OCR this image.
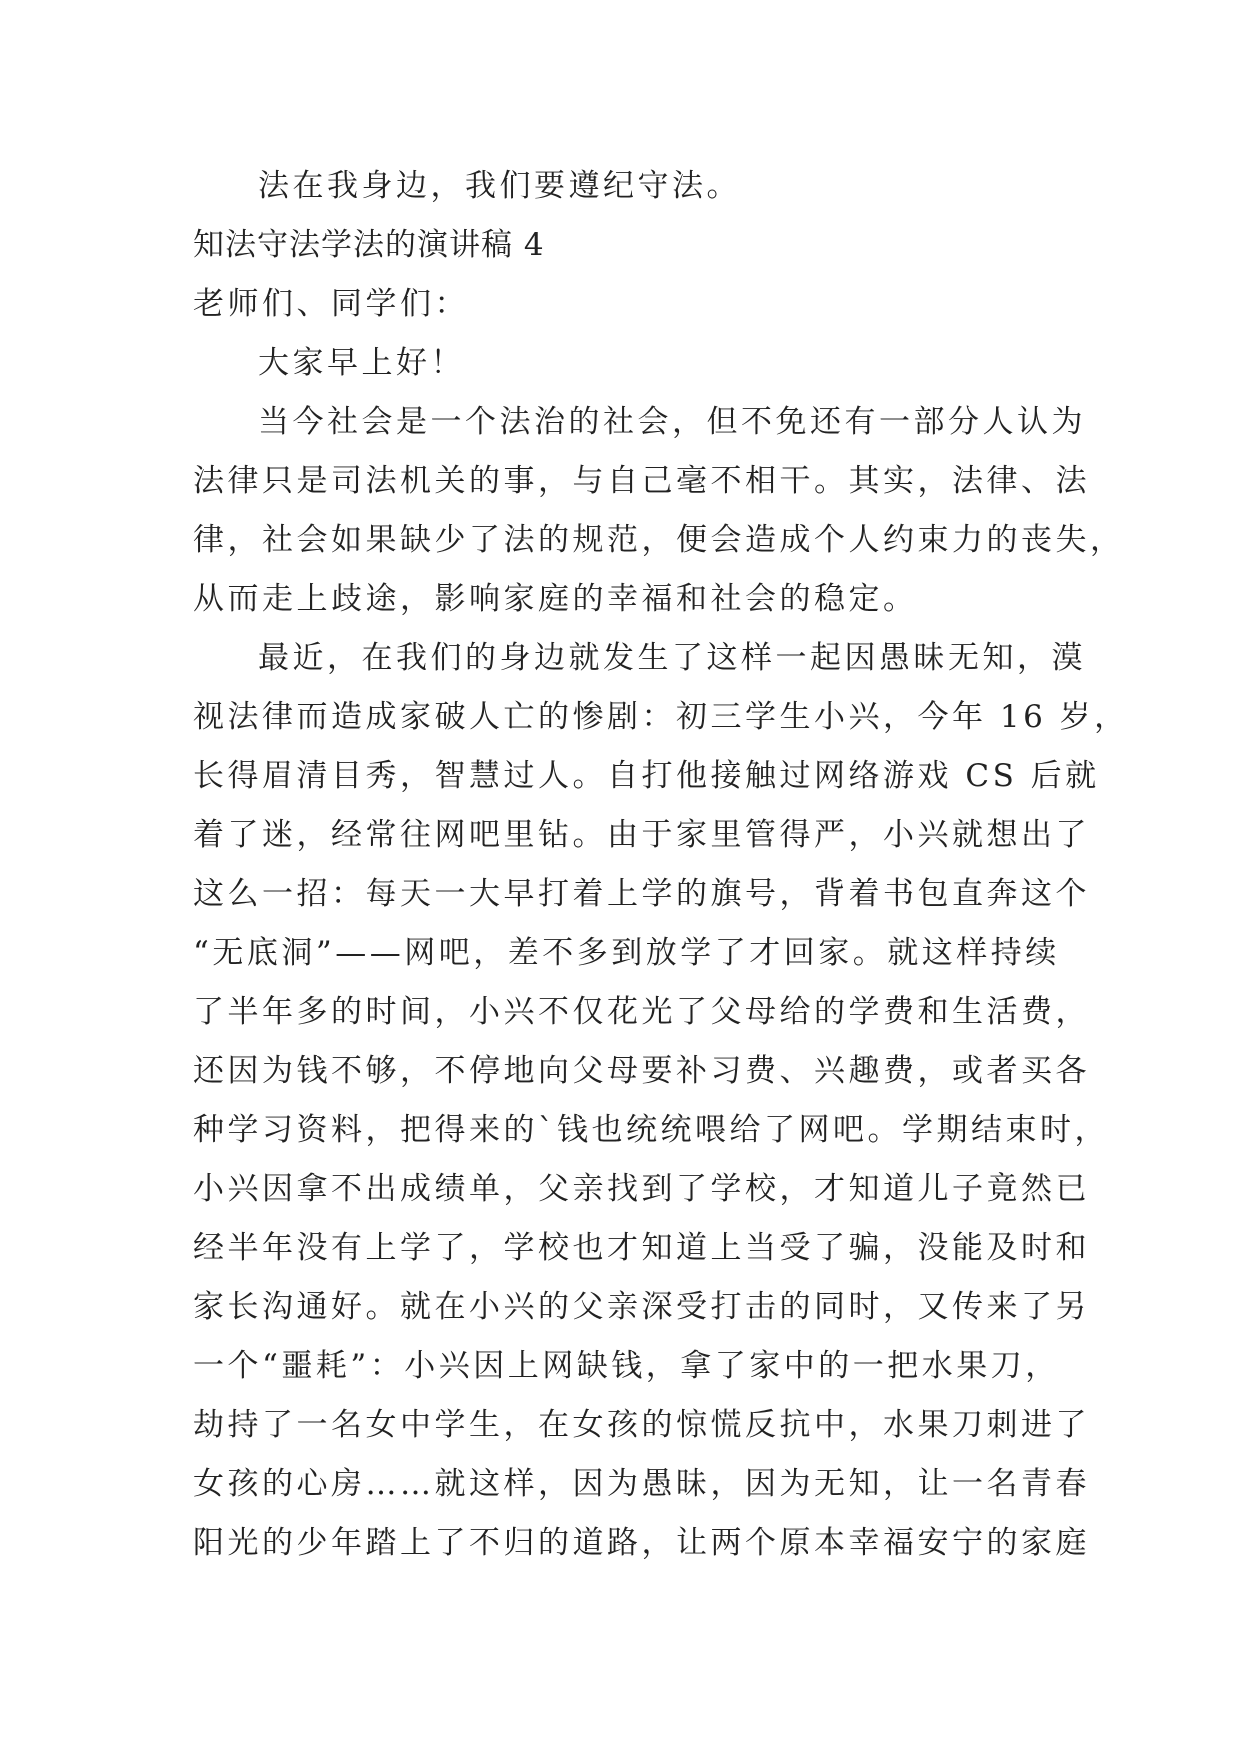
法在我身边，我们要遵纪守法。
知法守法学法的演讲稿 4
老师们、同学们：
大家早上好！
当今社会是一个法治的社会，但不免还有一部分人认为
法律只是司法机关的事，与自己毫不相干。其实，法律、法
律，社会如果缺少了法的规范，便会造成个人约束力的丧失，
从而走上歧途，影响家庭的幸福和社会的稳定。
最近，在我们的身边就发生了这样一起因愚昧无知，漠
视法律而造成家破人亡的惨剧：初三学生小兴，今年 16 岁，
长得眉清目秀，智慧过人。自打他接触过网络游戏 CS 后就
着了迷，经常往网吧里钻。由于家里管得严，小兴就想出了
这么一招：每天一大早打着上学的旗号，背着书包直奔这个
“无底洞”——网吧，差不多到放学了才回家。就这样持续
了半年多的时间，小兴不仅花光了父母给的学费和生活费，
还因为钱不够，不停地向父母要补习费、兴趣费，或者买各
种学习资料，把得来的`钱也统统喂给了网吧。学期结束时，
小兴因拿不出成绩单，父亲找到了学校，才知道儿子竟然已
经半年没有上学了，学校也才知道上当受了骗，没能及时和
家长沟通好。就在小兴的父亲深受打击的同时，又传来了另
一个“噩耗”：小兴因上网缺钱，拿了家中的一把水果刀，
劫持了一名女中学生，在女孩的惊慌反抗中，水果刀刺进了
女孩的心房……就这样，因为愚昧，因为无知，让一名青春
阳光的少年踏上了不归的道路，让两个原本幸福安宁的家庭
